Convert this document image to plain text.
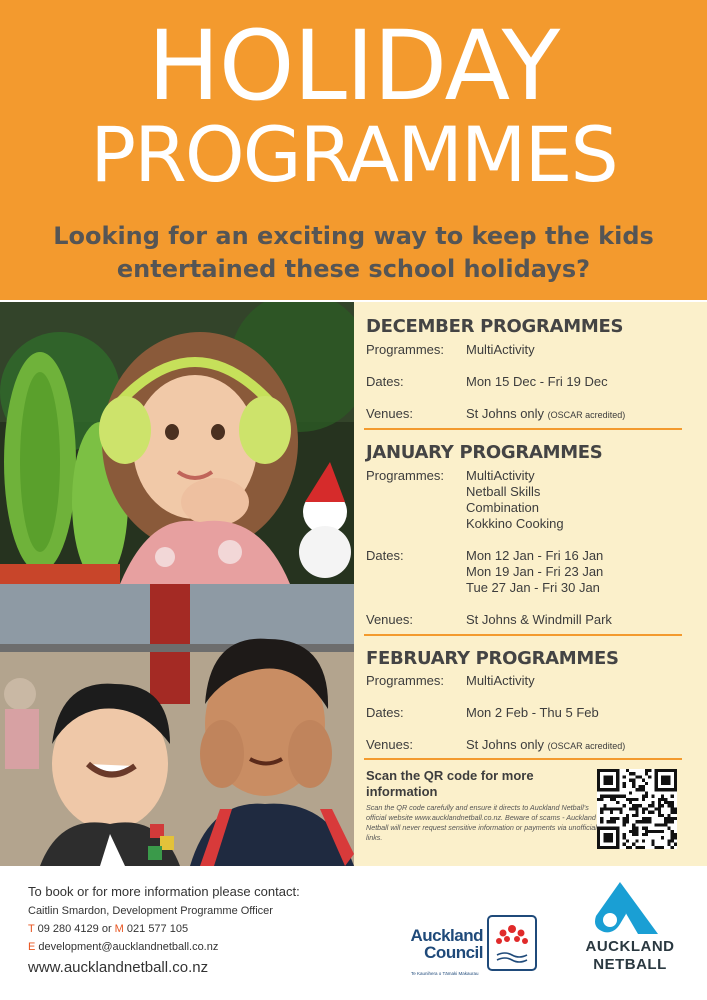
HOLIDAY
PROGRAMMES
Looking for an exciting way to keep the kids
entertained these school holidays?
DECEMBER PROGRAMMES
Programmes: MultiActivity
Dates:	Mon 15 Dec - Fri 19 Dec
Venues:	St Johns only (OSCAR acredited)
JANUARY PROGRAMMES
Programmes: MultiActivity
Netball Skills
Combination
Kokkino Cooking
Dates:	Mon 12 Jan - Fri 16 Jan
Mon 19 Jan - Fri 23 Jan
Tue 27 Jan - Fri 30 Jan
Venues:	St Johns & Windmill Park
FEBRUARY PROGRAMMES
Programmes: MultiActivity
Dates:	Mon 2 Feb - Thu 5 Feb
Venues:	St Johns only (OSCAR acredited)
Scan the QR code for more information
Scan the QR code carefully and ensure it directs to Auckland Netball's official website www.aucklandnetball.co.nz. Beware of scams - Auckland Netball will never request sensitive information or payments via unofficial links.
To book or for more information please contact:
Caitlin Smardon, Development Programme Officer
T 09 280 4129 or M 021 577 105
E development@aucklandnetball.co.nz
www.aucklandnetball.co.nz
Auckland
Council
Te Kaunihera o Tāmaki Makaurau
AUCKLAND
NETBALL
